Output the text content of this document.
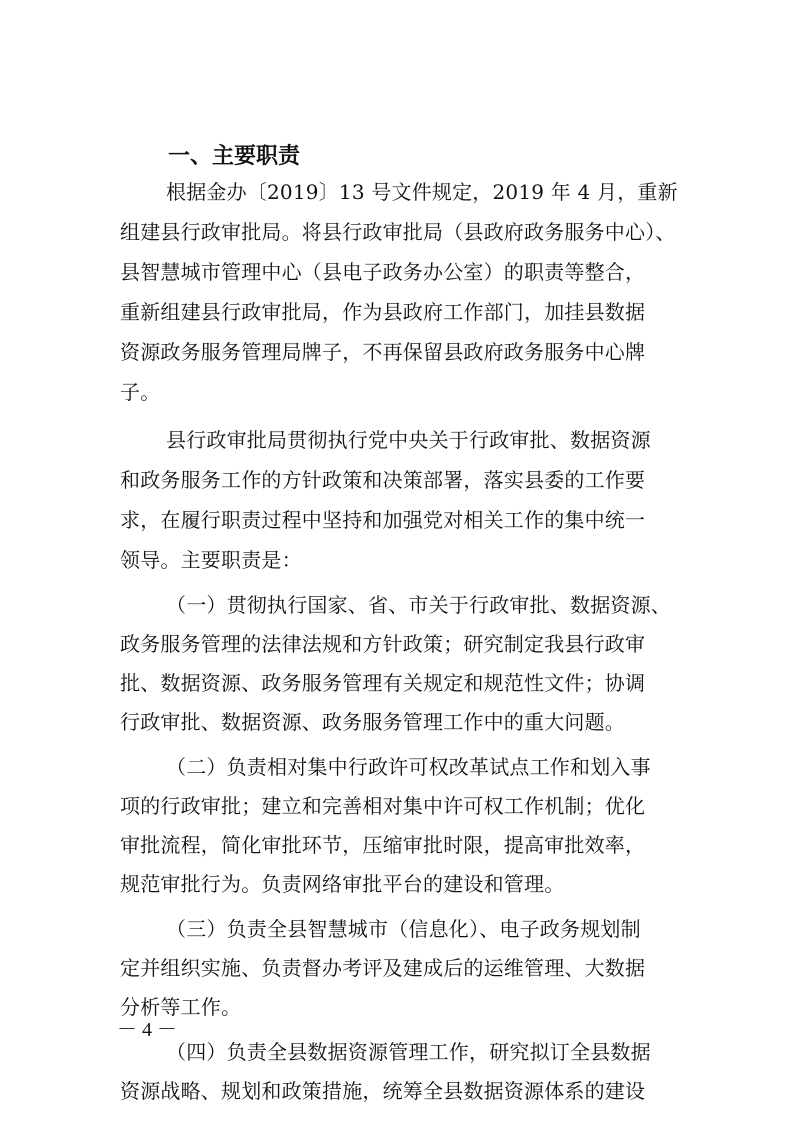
一、主要职责
根据金办〔2019〕13 号文件规定，2019 年 4 月，重新
组建县行政审批局。将县行政审批局（县政府政务服务中心）、
县智慧城市管理中心（县电子政务办公室）的职责等整合，
重新组建县行政审批局，作为县政府工作部门，加挂县数据
资源政务服务管理局牌子，不再保留县政府政务服务中心牌
子。
县行政审批局贯彻执行党中央关于行政审批、数据资源
和政务服务工作的方针政策和决策部署，落实县委的工作要
求，在履行职责过程中坚持和加强党对相关工作的集中统一
领导。主要职责是：
（一）贯彻执行国家、省、市关于行政审批、数据资源、
政务服务管理的法律法规和方针政策；研究制定我县行政审
批、数据资源、政务服务管理有关规定和规范性文件；协调
行政审批、数据资源、政务服务管理工作中的重大问题。
（二）负责相对集中行政许可权改革试点工作和划入事
项的行政审批；建立和完善相对集中许可权工作机制；优化
审批流程，简化审批环节，压缩审批时限，提高审批效率，
规范审批行为。负责网络审批平台的建设和管理。
（三）负责全县智慧城市（信息化）、电子政务规划制
定并组织实施、负责督办考评及建成后的运维管理、大数据
分析等工作。
（四）负责全县数据资源管理工作，研究拟订全县数据
资源战略、规划和政策措施，统筹全县数据资源体系的建设
－ 4 －
